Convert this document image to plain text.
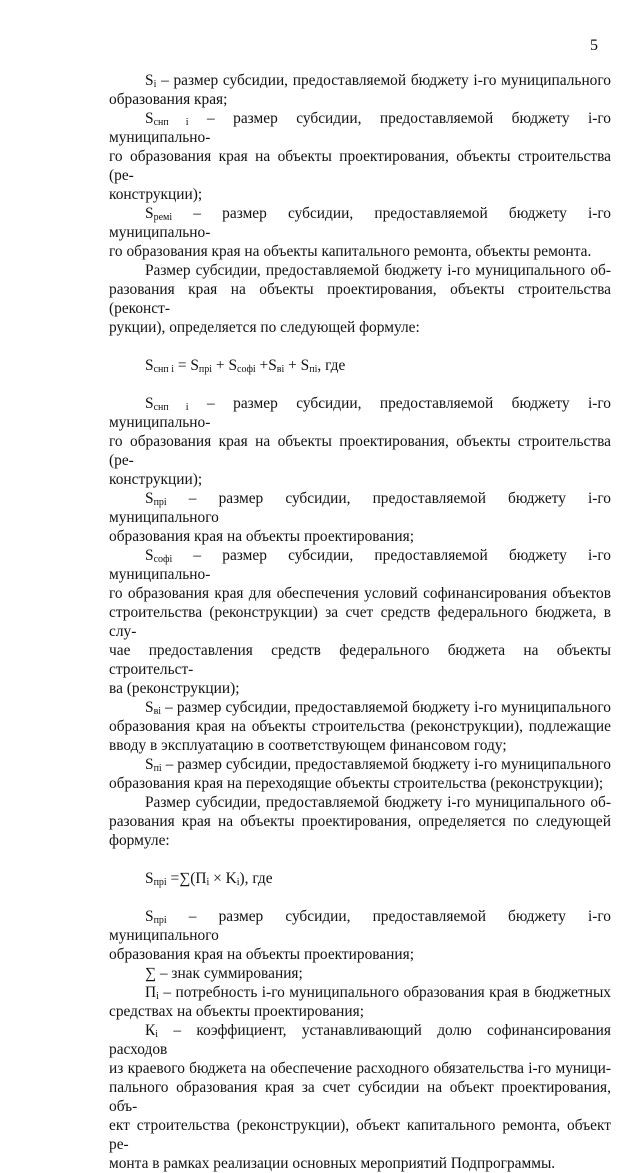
5
$S_i$ – размер субсидии, предоставляемой бюджету i-го муниципального
образования края;
$S_{снп i}$ – размер субсидии, предоставляемой бюджету i-го муниципально-
го образования края на объекты проектирования, объекты строительства (ре-
конструкции);
$S_{ремi}$ – размер субсидии, предоставляемой бюджету i-го муниципально-
го образования края на объекты капитального ремонта, объекты ремонта.
Размер субсидии, предоставляемой бюджету i-го муниципального об-
разования края на объекты проектирования, объекты строительства (реконст-
рукции), определяется по следующей формуле:
$S_{снп i} = S_{прi} + S_{софi} +S_{вi} + S_{пi}$, где
$S_{снп i}$ – размер субсидии, предоставляемой бюджету i-го муниципально-
го образования края на объекты проектирования, объекты строительства (ре-
конструкции);
$S_{прi}$ – размер субсидии, предоставляемой бюджету i-го муниципального
образования края на объекты проектирования;
$S_{софi}$ – размер субсидии, предоставляемой бюджету i-го муниципально-
го образования края для обеспечения условий софинансирования объектов
строительства (реконструкции) за счет средств федерального бюджета, в слу-
чае предоставления средств федерального бюджета на объекты строительст-
ва (реконструкции);
$S_{вi}$ – размер субсидии, предоставляемой бюджету i-го муниципального
образования края на объекты строительства (реконструкции), подлежащие
вводу в эксплуатацию в соответствующем финансовом году;
$S_{пi}$ – размер субсидии, предоставляемой бюджету i-го муниципального
образования края на переходящие объекты строительства (реконструкции);
Размер субсидии, предоставляемой бюджету i-го муниципального об-
разования края на объекты проектирования, определяется по следующей
формуле:
$S_{прi} =\sum(П_i \times K_i)$, где
$S_{прi}$ – размер субсидии, предоставляемой бюджету i-го муниципального
образования края на объекты проектирования;
∑ – знак суммирования;
$П_i$ – потребность i-го муниципального образования края в бюджетных
средствах на объекты проектирования;
$К_i$ – коэффициент, устанавливающий долю софинансирования расходов
из краевого бюджета на обеспечение расходного обязательства i-го муници-
пального образования края за счет субсидии на объект проектирования, объ-
ект строительства (реконструкции), объект капитального ремонта, объект ре-
монта в рамках реализации основных мероприятий Подпрограммы.
